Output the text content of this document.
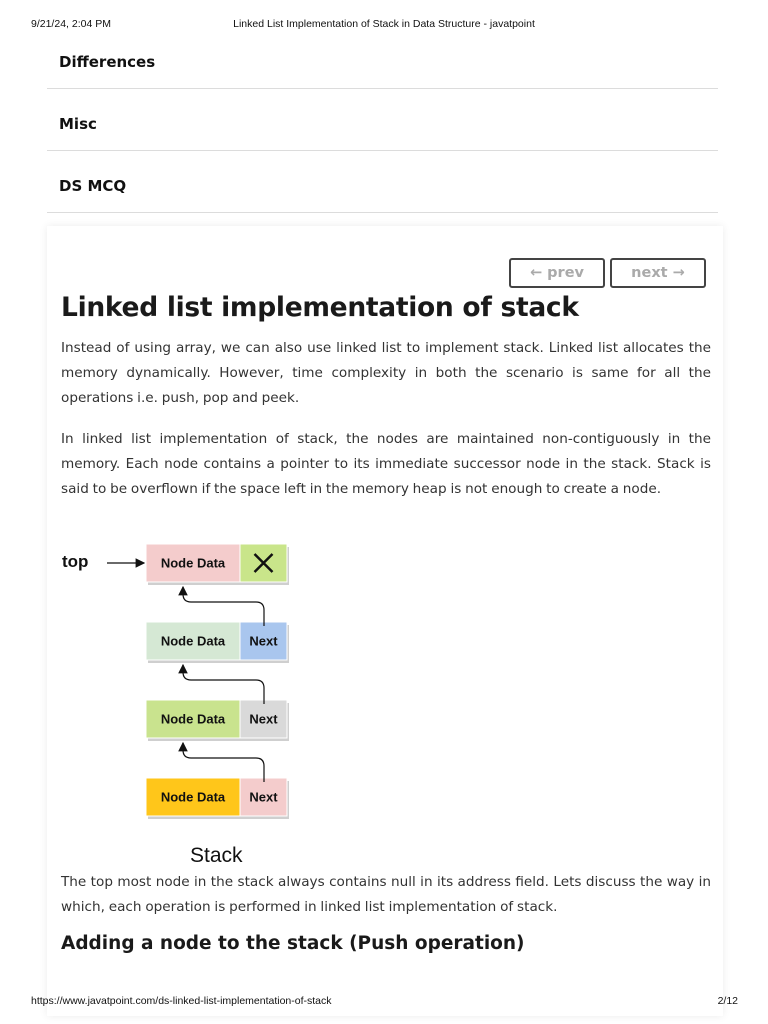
9/21/24, 2:04 PM	Linked List Implementation of Stack in Data Structure - javatpoint
Differences
Misc
DS MCQ
← prev	next →
Linked list implementation of stack

Instead of using array, we can also use linked list to implement stack. Linked list allocates the memory dynamically. However, time complexity in both the scenario is same for all the operations i.e. push, pop and peek.

In linked list implementation of stack, the nodes are maintained non-contiguously in the memory. Each node contains a pointer to its immediate successor node in the stack. Stack is said to be overflown if the space left in the memory heap is not enough to create a node.

top	Node Data
Node Data Next
Node Data Next
Node Data Next
Stack

The top most node in the stack always contains null in its address field. Lets discuss the way in which, each operation is performed in linked list implementation of stack.

Adding a node to the stack (Push operation)
https://www.javatpoint.com/ds-linked-list-implementation-of-stack	2/12
